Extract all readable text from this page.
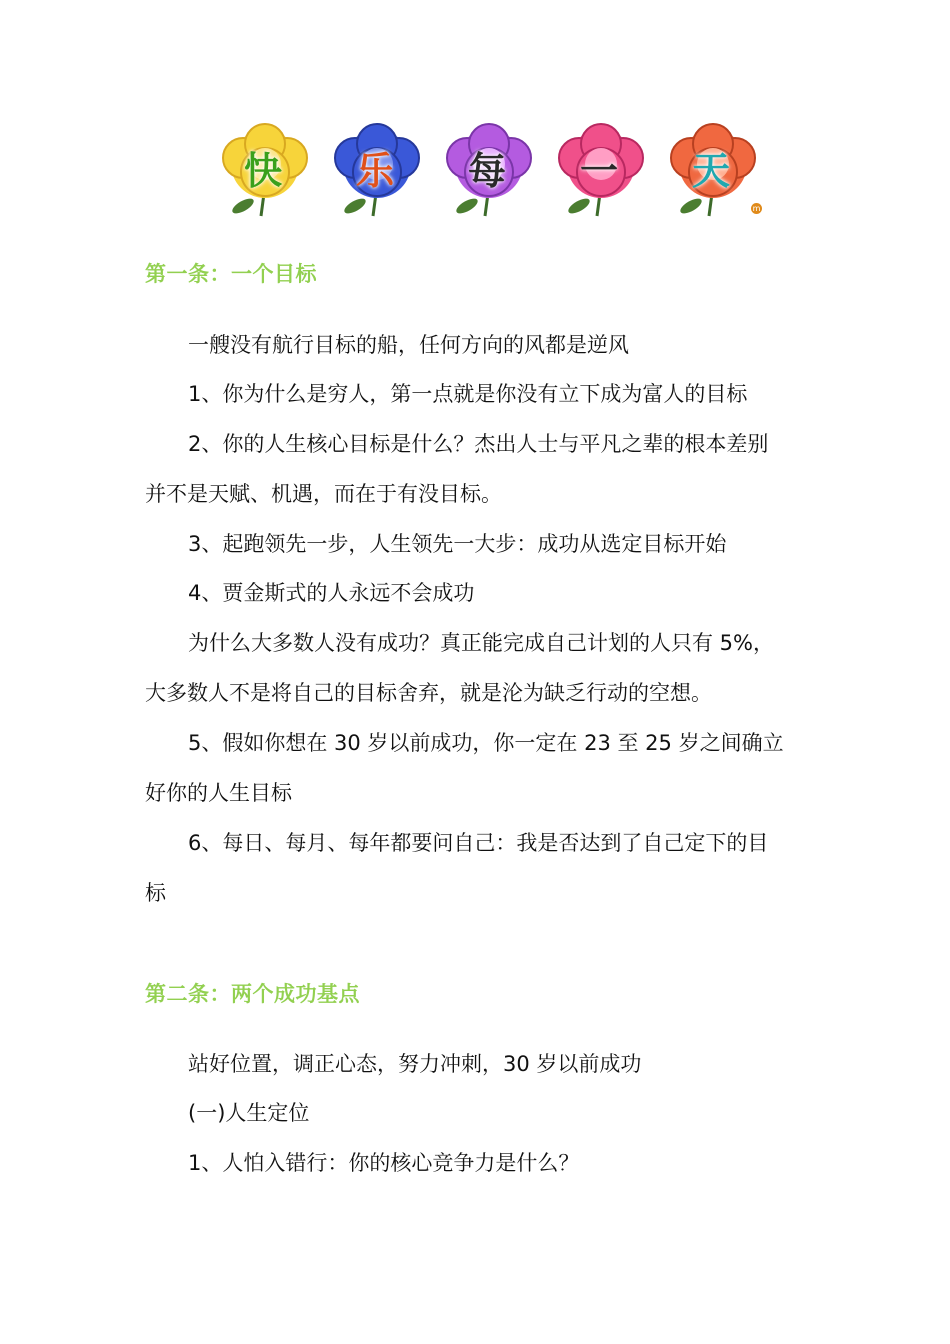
快	乐	每	一	天
m
第一条：一个目标
一艘没有航行目标的船，任何方向的风都是逆风
1、你为什么是穷人，第一点就是你没有立下成为富人的目标
2、你的人生核心目标是什么？杰出人士与平凡之辈的根本差别
并不是天赋、机遇，而在于有没目标。
3、起跑领先一步，人生领先一大步：成功从选定目标开始
4、贾金斯式的人永远不会成功
为什么大多数人没有成功？真正能完成自己计划的人只有 5%，
大多数人不是将自己的目标舍弃，就是沦为缺乏行动的空想。
5、假如你想在 30 岁以前成功，你一定在 23 至 25 岁之间确立
好你的人生目标
6、每日、每月、每年都要问自己：我是否达到了自己定下的目
标
第二条：两个成功基点
站好位置，调正心态，努力冲刺，30 岁以前成功
(一)人生定位
1、人怕入错行：你的核心竞争力是什么？
